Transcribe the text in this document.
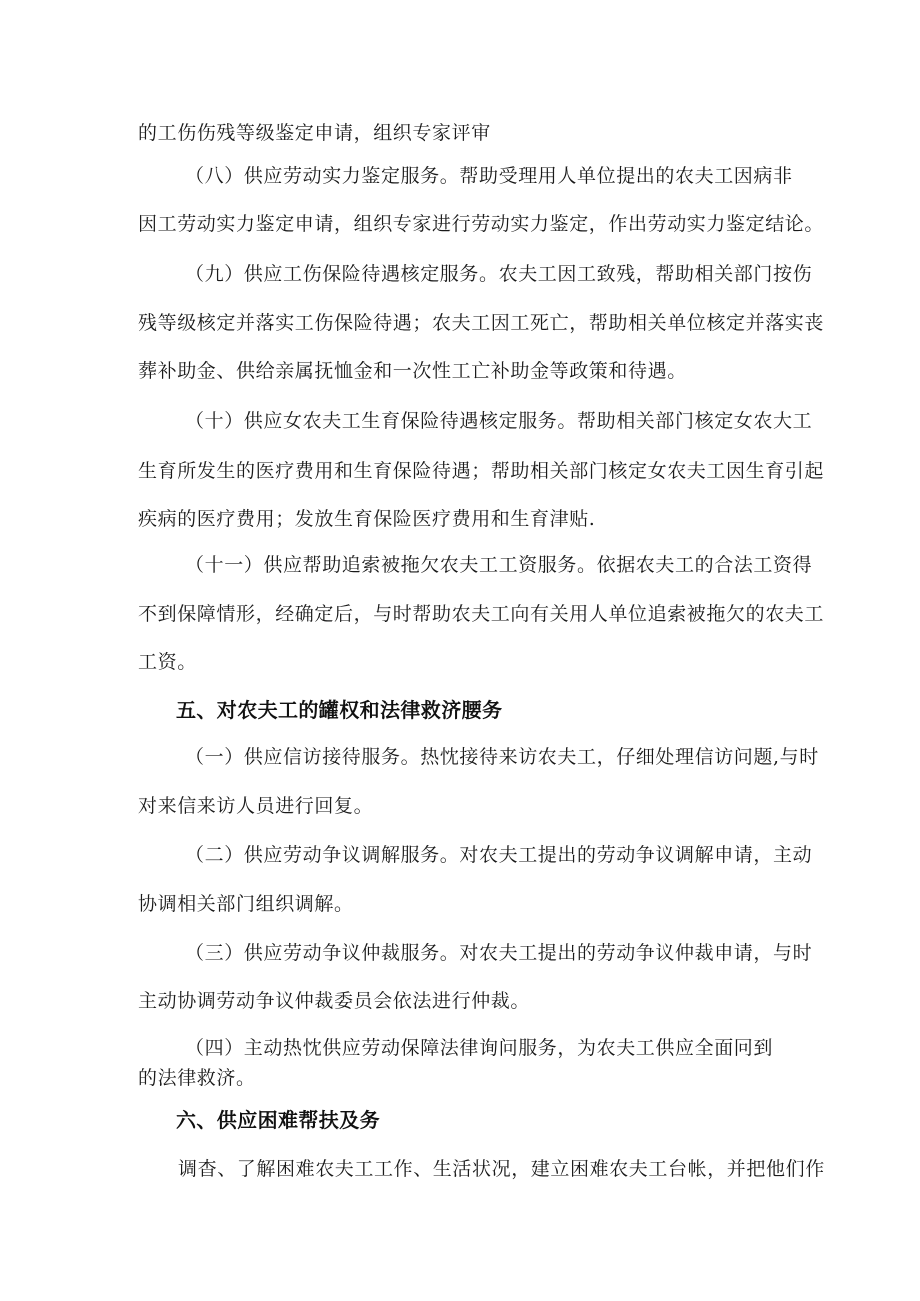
的工伤伤残等级鉴定申请，组织专家评审
（八）供应劳动实力鉴定服务。帮助受理用人单位提出的农夫工因病非
因工劳动实力鉴定申请，组织专家进行劳动实力鉴定，作出劳动实力鉴定结论。
（九）供应工伤保险待遇核定服务。农夫工因工致残，帮助相关部门按伤
残等级核定并落实工伤保险待遇；农夫工因工死亡，帮助相关单位核定并落实丧
葬补助金、供给亲属抚恤金和一次性工亡补助金等政策和待遇。
（十）供应女农夫工生育保险待遇核定服务。帮助相关部门核定女农大工
生育所发生的医疗费用和生育保险待遇；帮助相关部门核定女农夫工因生育引起
疾病的医疗费用；发放生育保险医疗费用和生育津贴.
（十一）供应帮助追索被拖欠农夫工工资服务。依据农夫工的合法工资得
不到保障情形，经确定后，与时帮助农夫工向有关用人单位追索被拖欠的农夫工
工资。
五、对农夫工的罐权和法律救济腰务
（一）供应信访接待服务。热忱接待来访农夫工，仔细处理信访问题,与时
对来信来访人员进行回复。
（二）供应劳动争议调解服务。对农夫工提出的劳动争议调解申请，主动
协调相关部门组织调解。
（三）供应劳动争议仲裁服务。对农夫工提出的劳动争议仲裁申请，与时
主动协调劳动争议仲裁委员会依法进行仲裁。
（四）主动热忱供应劳动保障法律询问服务，为农夫工供应全面冋到
的法律救济。
六、供应困难帮扶及务
调杳、了解困难农夫工工作、生活状况，建立困难农夫工台帐，并把他们作
